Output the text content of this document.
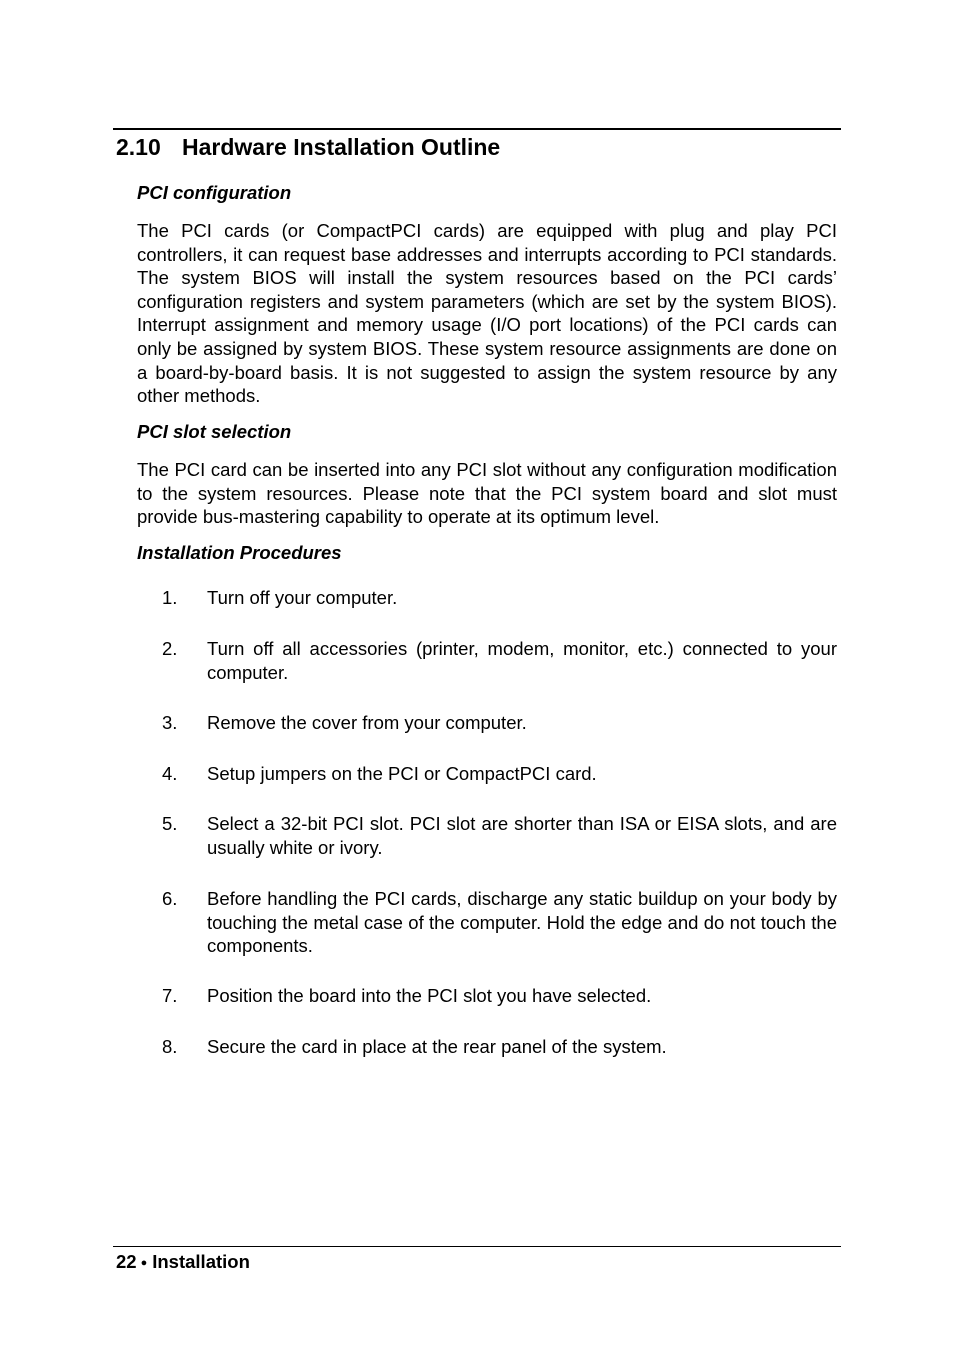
2.10 Hardware Installation Outline
PCI configuration

The PCI cards (or CompactPCI cards) are equipped with plug and play PCI controllers, it can request base addresses and interrupts according to PCI standards. The system BIOS will install the system resources based on the PCI cards’ configuration registers and system parameters (which are set by the system BIOS). Interrupt assignment and memory usage (I/O port locations) of the PCI cards can only be assigned by system BIOS. These system resource assignments are done on a board-by-board basis. It is not suggested to assign the system resource by any other methods.

PCI slot selection

The PCI card can be inserted into any PCI slot without any configuration modification to the system resources. Please note that the PCI system board and slot must provide bus-mastering capability to operate at its optimum level.

Installation Procedures
1. Turn off your computer.
2. Turn off all accessories (printer, modem, monitor, etc.) connected to your computer.
3. Remove the cover from your computer.
4. Setup jumpers on the PCI or CompactPCI card.
5. Select a 32-bit PCI slot. PCI slot are shorter than ISA or EISA slots, and are usually white or ivory.
6. Before handling the PCI cards, discharge any static buildup on your body by touching the metal case of the computer. Hold the edge and do not touch the components.
7. Position the board into the PCI slot you have selected.
8. Secure the card in place at the rear panel of the system.
22 ● Installation
